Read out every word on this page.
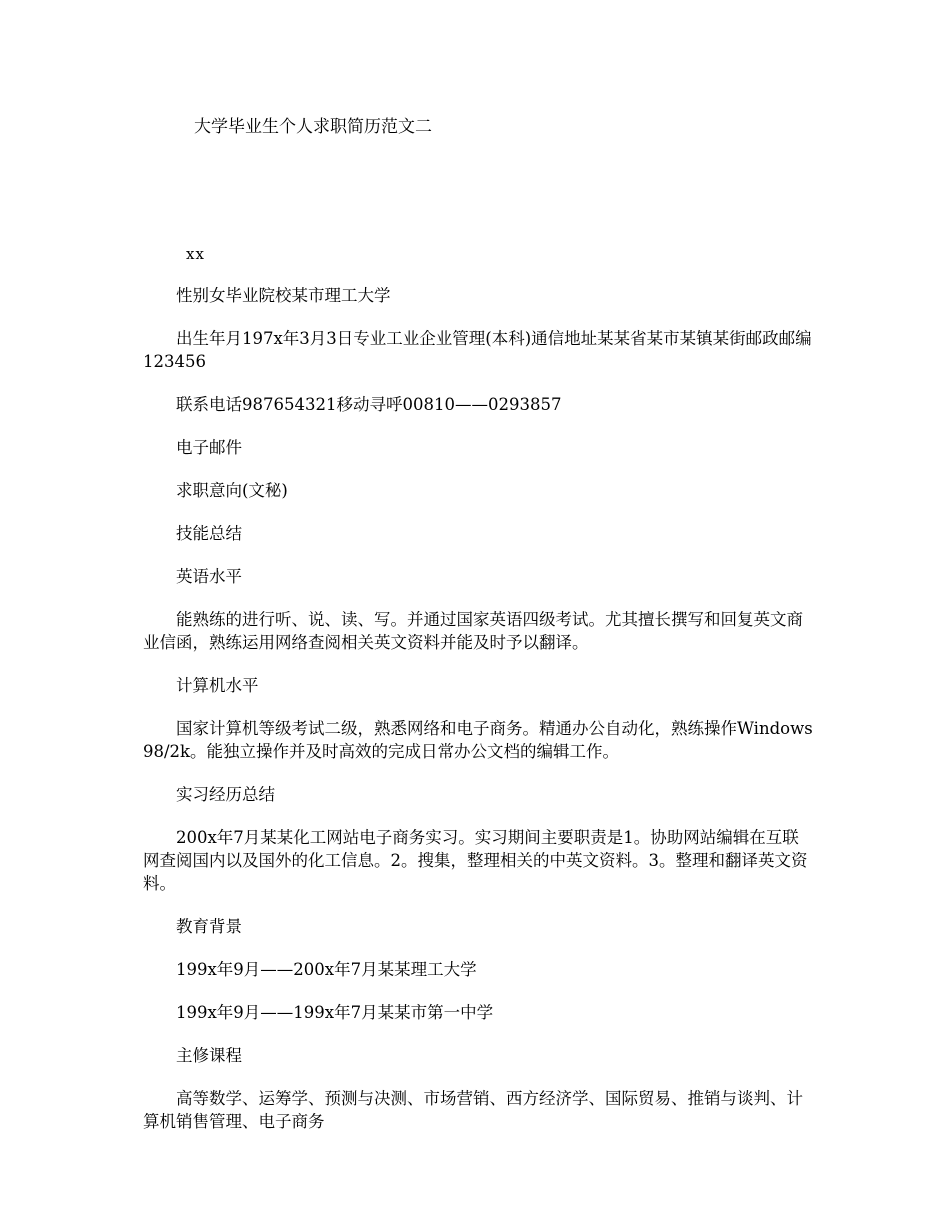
大学毕业生个人求职简历范文二
xx

性别女毕业院校某市理工大学

出生年月197x年3月3日专业工业企业管理(本科)通信地址某某省某市某镇某街邮政邮编123456

联系电话987654321移动寻呼00810——0293857

电子邮件

求职意向(文秘)

技能总结

英语水平

能熟练的进行听、说、读、写。并通过国家英语四级考试。尤其擅长撰写和回复英文商业信函，熟练运用网络查阅相关英文资料并能及时予以翻译。

计算机水平

国家计算机等级考试二级，熟悉网络和电子商务。精通办公自动化，熟练操作Windows98/2k。能独立操作并及时高效的完成日常办公文档的编辑工作。

实习经历总结

200x年7月某某化工网站电子商务实习。实习期间主要职责是1。协助网站编辑在互联网查阅国内以及国外的化工信息。2。搜集，整理相关的中英文资料。3。整理和翻译英文资料。

教育背景

199x年9月——200x年7月某某理工大学

199x年9月——199x年7月某某市第一中学

主修课程

高等数学、运筹学、预测与决测、市场营销、西方经济学、国际贸易、推销与谈判、计算机销售管理、电子商务
